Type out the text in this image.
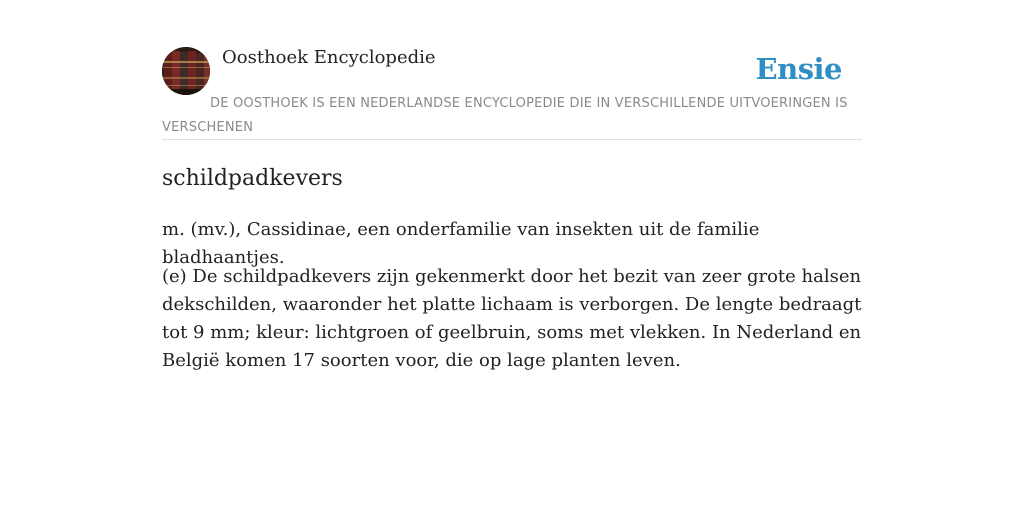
Oosthoek Encyclopedie	Ensie

DE OOSTHOEK IS EEN NEDERLANDSE ENCYCLOPEDIE DIE IN VERSCHILLENDE UITVOERINGEN IS VERSCHENEN

schildpadkevers

m. (mv.), Cassidinae, een onderfamilie van insekten uit de familie bladhaantjes.

(e) De schildpadkevers zijn gekenmerkt door het bezit van zeer grote halsen dekschilden, waaronder het platte lichaam is verborgen. De lengte bedraagt tot 9 mm; kleur: lichtgroen of geelbruin, soms met vlekken. In Nederland en België komen 17 soorten voor, die op lage planten leven.
